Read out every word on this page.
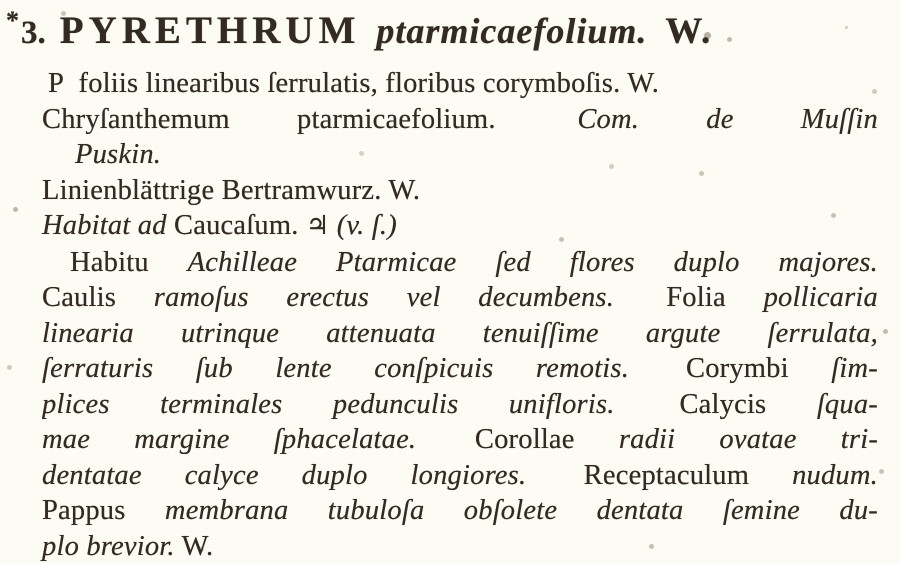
*3. PYRETHRUM ptarmicaefolium. W.
P foliis linearibus ſerrulatis, floribus corymboſis. W.
Chryſanthemum ptarmicaefolium.  Com. de Muſſin
Puskin.
Linienblättrige Bertramwurz. W.
Habitat ad Caucaſum. ♃ (v. ſ.)
Habitu Achilleae Ptarmicae ſed flores duplo majores.
Caulis ramoſus erectus vel decumbens.  Folia pollicaria
linearia utrinque attenuata tenuiſſime argute ſerrulata,
ſerraturis ſub lente conſpicuis remotis.  Corymbi ſim-
plices terminales pedunculis unifloris.  Calycis ſqua-
mae margine ſphacelatae.  Corollae radii ovatae tri-
dentatae calyce duplo longiores.  Receptaculum nudum.
Pappus membrana tubuloſa obſolete dentata ſemine du-
plo brevior. W.
